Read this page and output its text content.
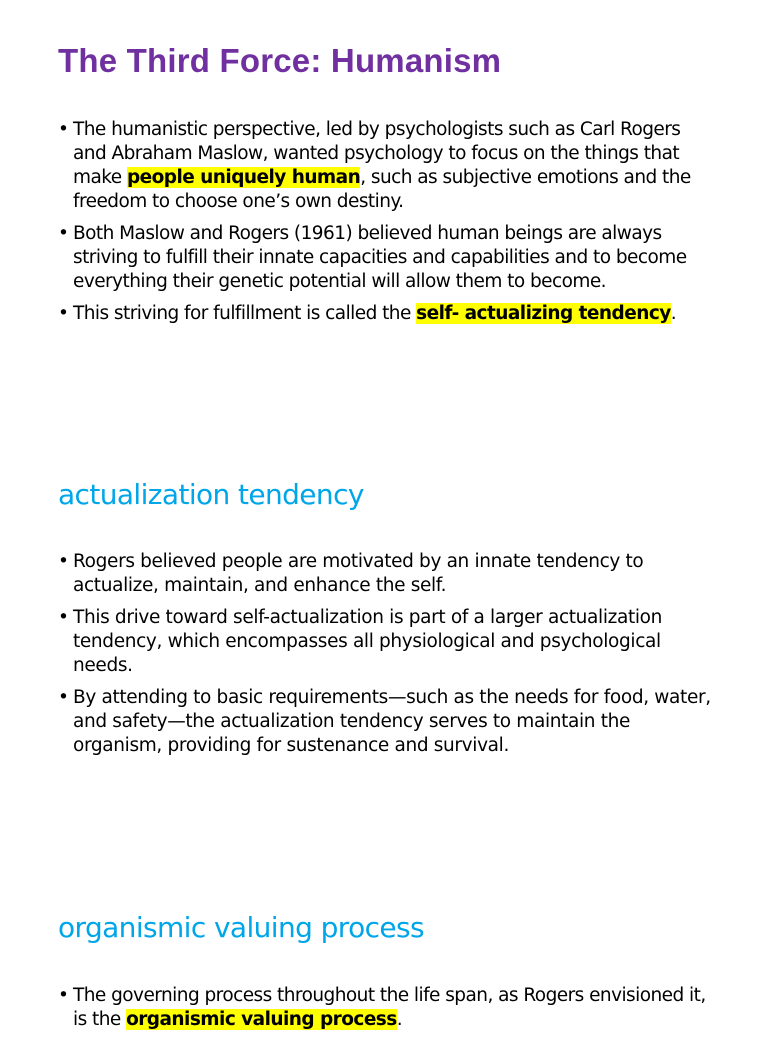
The Third Force: Humanism
• The humanistic perspective, led by psychologists such as Carl Rogers and Abraham Maslow, wanted psychology to focus on the things that make people uniquely human, such as subjective emotions and the freedom to choose one’s own destiny.
• Both Maslow and Rogers (1961) believed human beings are always striving to fulfill their innate capacities and capabilities and to become everything their genetic potential will allow them to become.
• This striving for fulfillment is called the self- actualizing tendency.
actualization tendency
• Rogers believed people are motivated by an innate tendency to actualize, maintain, and enhance the self.
• This drive toward self-actualization is part of a larger actualization tendency, which encompasses all physiological and psychological needs.
• By attending to basic requirements—such as the needs for food, water, and safety—the actualization tendency serves to maintain the organism, providing for sustenance and survival.
organismic valuing process
• The governing process throughout the life span, as Rogers envisioned it, is the organismic valuing process.
